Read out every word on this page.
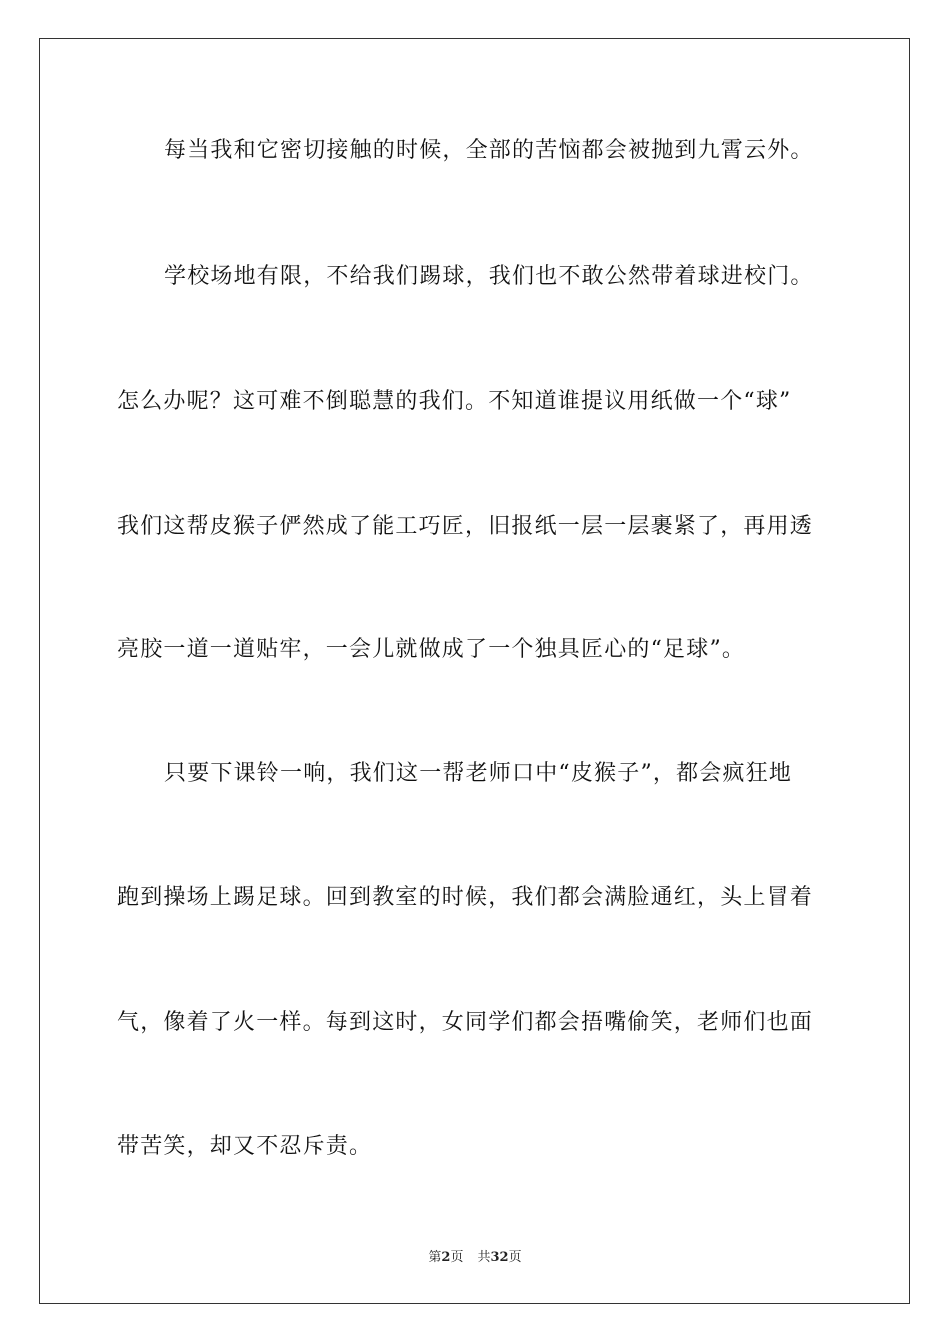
每当我和它密切接触的时候，全部的苦恼都会被抛到九霄云外。
学校场地有限，不给我们踢球，我们也不敢公然带着球进校门。
怎么办呢？这可难不倒聪慧的我们。不知道谁提议用纸做一个“球”
我们这帮皮猴子俨然成了能工巧匠，旧报纸一层一层裹紧了，再用透
亮胶一道一道贴牢，一会儿就做成了一个独具匠心的“足球”。
只要下课铃一响，我们这一帮老师口中“皮猴子”，都会疯狂地
跑到操场上踢足球。回到教室的时候，我们都会满脸通红，头上冒着
气，像着了火一样。每到这时，女同学们都会捂嘴偷笑，老师们也面
带苦笑，却又不忍斥责。
第2页 共32页
